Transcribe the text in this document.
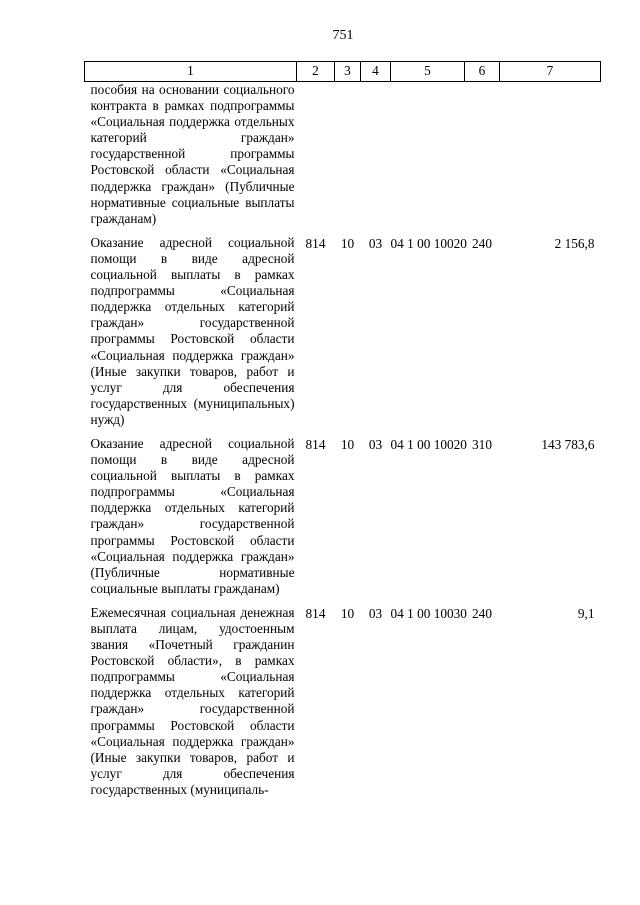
751
1	2	3	4	5	6	7
пособия на основании социального контракта в рамках подпрограммы «Социальная поддержка отдельных категорий граждан» государственной программы Ростовской области «Социальная поддержка граждан» (Публичные нормативные социальные выплаты гражданам)						
Оказание адресной социальной помощи в виде адресной социальной выплаты в рамках подпрограммы «Социальная поддержка отдельных категорий граждан» государственной программы Ростовской области «Социальная поддержка граждан» (Иные закупки товаров, работ и услуг для обеспечения государственных (муниципальных) нужд)	814	10	03	04 1 00 10020	240	2 156,8
Оказание адресной социальной помощи в виде адресной социальной выплаты в рамках подпрограммы «Социальная поддержка отдельных категорий граждан» государственной программы Ростовской области «Социальная поддержка граждан» (Публичные нормативные социальные выплаты гражданам)	814	10	03	04 1 00 10020	310	143 783,6
Ежемесячная социальная денежная выплата лицам, удостоенным звания «Почетный гражданин Ростовской области», в рамках подпрограммы «Социальная поддержка отдельных категорий граждан» государственной программы Ростовской области «Социальная поддержка граждан» (Иные закупки товаров, работ и услуг для обеспечения государственных (муниципаль-	814	10	03	04 1 00 10030	240	9,1
